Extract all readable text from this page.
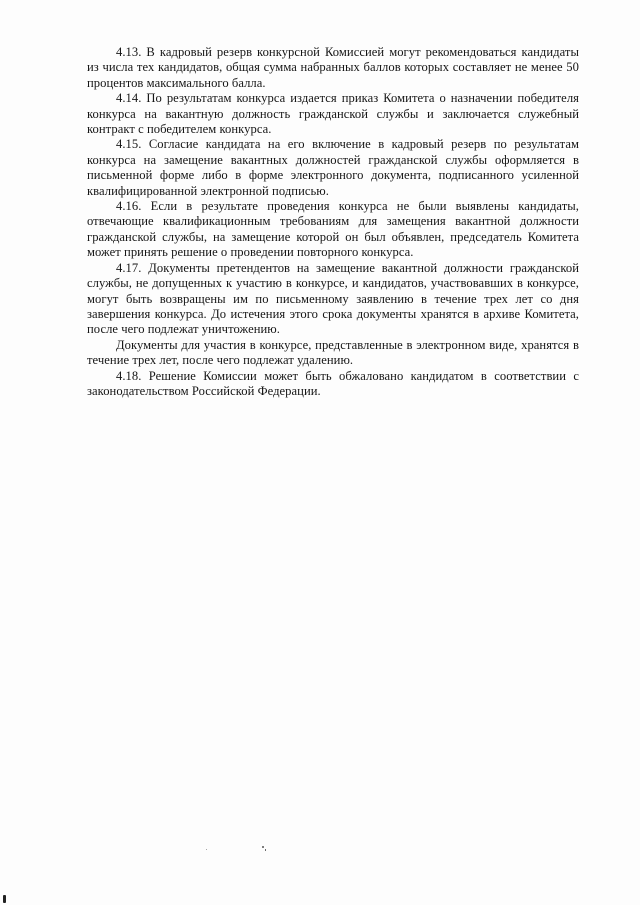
4.13. В кадровый резерв конкурсной Комиссией могут рекомендоваться кандидаты из числа тех кандидатов, общая сумма набранных баллов которых составляет не менее 50 процентов максимального балла.

4.14. По результатам конкурса издается приказ Комитета о назначении победителя конкурса на вакантную должность гражданской службы и заключается служебный контракт с победителем конкурса.

4.15. Согласие кандидата на его включение в кадровый резерв по результатам конкурса на замещение вакантных должностей гражданской службы оформляется в письменной форме либо в форме электронного документа, подписанного усиленной квалифицированной электронной подписью.

4.16. Если в результате проведения конкурса не были выявлены кандидаты, отвечающие квалификационным требованиям для замещения вакантной должности гражданской службы, на замещение которой он был объявлен, председатель Комитета может принять решение о проведении повторного конкурса.

4.17. Документы претендентов на замещение вакантной должности гражданской службы, не допущенных к участию в конкурсе, и кандидатов, участвовавших в конкурсе, могут быть возвращены им по письменному заявлению в течение трех лет со дня завершения конкурса. До истечения этого срока документы хранятся в архиве Комитета, после чего подлежат уничтожению.

Документы для участия в конкурсе, представленные в электронном виде, хранятся в течение трех лет, после чего подлежат удалению.

4.18. Решение Комиссии может быть обжаловано кандидатом в соответствии с законодательством Российской Федерации.
